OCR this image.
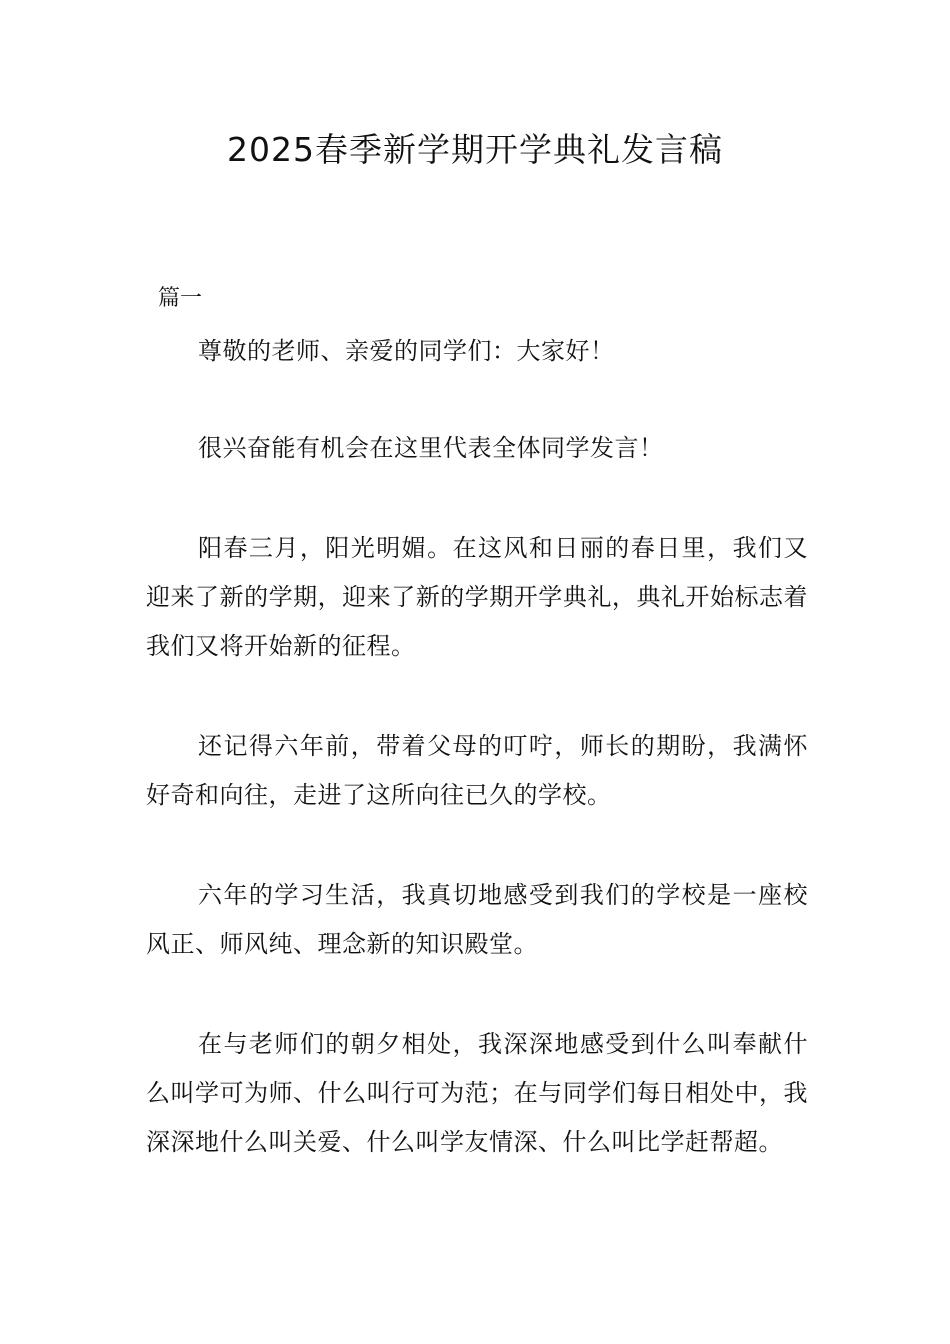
2025春季新学期开学典礼发言稿
篇一
尊敬的老师、亲爱的同学们：大家好！
很兴奋能有机会在这里代表全体同学发言！
阳春三月，阳光明媚。在这风和日丽的春日里，我们又迎来了新的学期，迎来了新的学期开学典礼，典礼开始标志着我们又将开始新的征程。
还记得六年前，带着父母的叮咛，师长的期盼，我满怀好奇和向往，走进了这所向往已久的学校。
六年的学习生活，我真切地感受到我们的学校是一座校风正、师风纯、理念新的知识殿堂。
在与老师们的朝夕相处，我深深地感受到什么叫奉献什么叫学可为师、什么叫行可为范；在与同学们每日相处中，我深深地什么叫关爱、什么叫学友情深、什么叫比学赶帮超。
